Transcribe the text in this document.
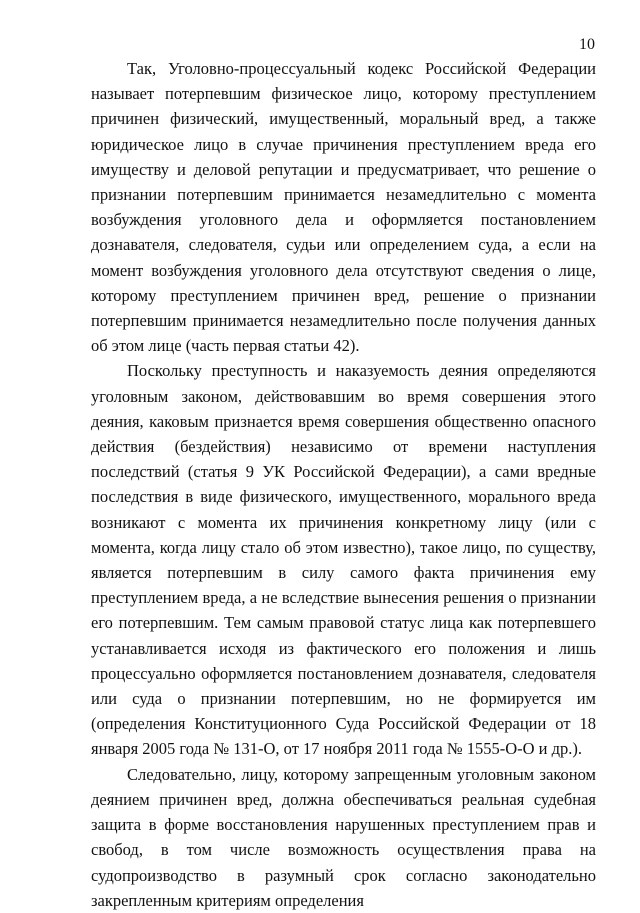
10

Так, Уголовно-процессуальный кодекс Российской Федерации называет потерпевшим физическое лицо, которому преступлением причинен физический, имущественный, моральный вред, а также юридическое лицо в случае причинения преступлением вреда его имуществу и деловой репутации и предусматривает, что решение о признании потерпевшим принимается незамедлительно с момента возбуждения уголовного дела и оформляется постановлением дознавателя, следователя, судьи или определением суда, а если на момент возбуждения уголовного дела отсутствуют сведения о лице, которому преступлением причинен вред, решение о признании потерпевшим принимается незамедлительно после получения данных об этом лице (часть первая статьи 42).

Поскольку преступность и наказуемость деяния определяются уголовным законом, действовавшим во время совершения этого деяния, каковым признается время совершения общественно опасного действия (бездействия) независимо от времени наступления последствий (статья 9 УК Российской Федерации), а сами вредные последствия в виде физического, имущественного, морального вреда возникают с момента их причинения конкретному лицу (или с момента, когда лицу стало об этом известно), такое лицо, по существу, является потерпевшим в силу самого факта причинения ему преступлением вреда, а не вследствие вынесения решения о признании его потерпевшим. Тем самым правовой статус лица как потерпевшего устанавливается исходя из фактического его положения и лишь процессуально оформляется постановлением дознавателя, следователя или суда о признании потерпевшим, но не формируется им (определения Конституционного Суда Российской Федерации от 18 января 2005 года № 131-О, от 17 ноября 2011 года № 1555-О-О и др.).

Следовательно, лицу, которому запрещенным уголовным законом деянием причинен вред, должна обеспечиваться реальная судебная защита в форме восстановления нарушенных преступлением прав и свобод, в том числе возможность осуществления права на судопроизводство в разумный срок согласно законодательно закрепленным критериям определения
